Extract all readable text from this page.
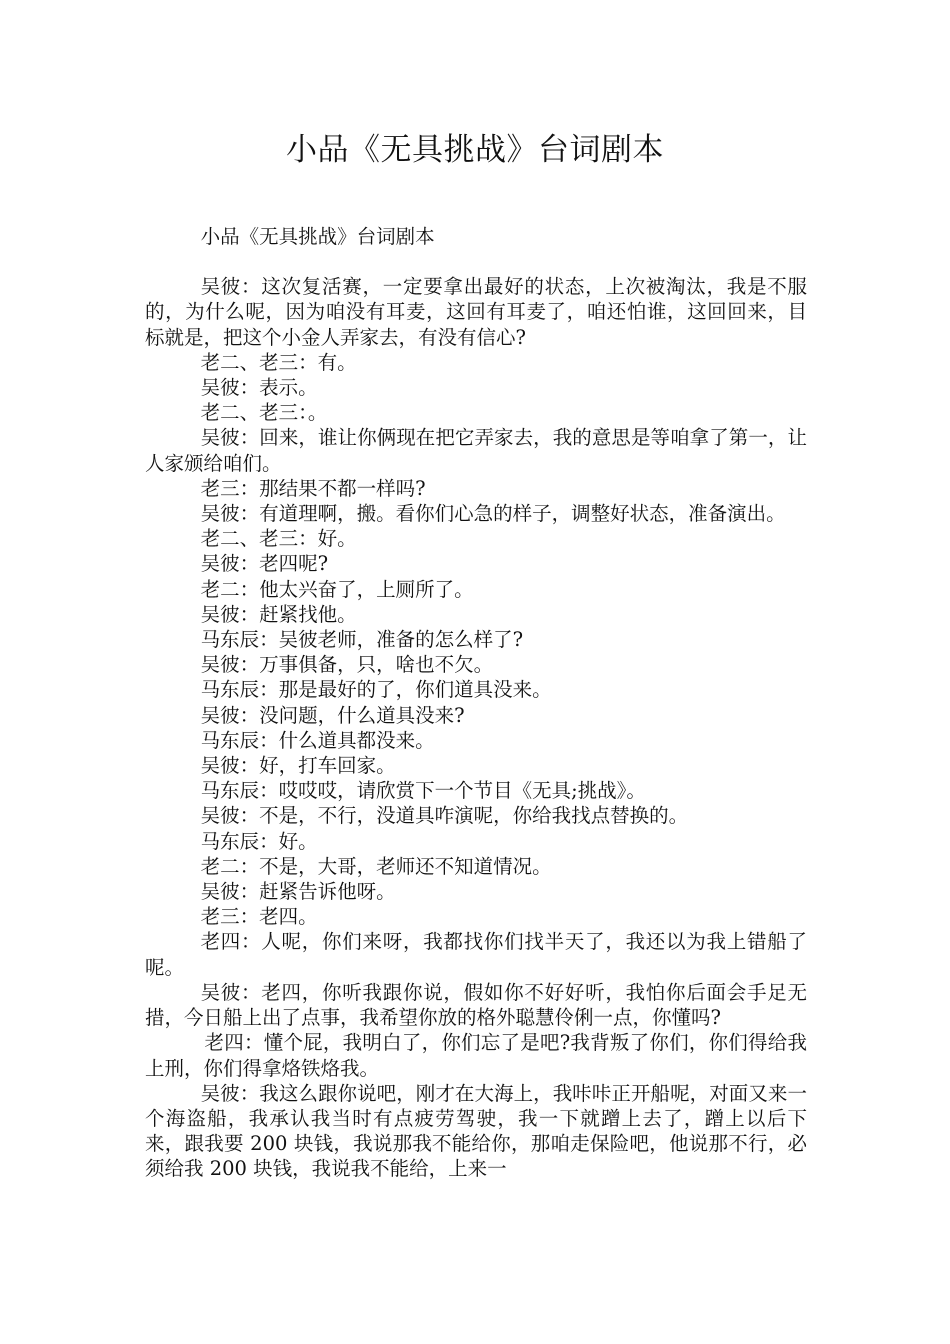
小品《无具挑战》台词剧本

小品《无具挑战》台词剧本

吴彼：这次复活赛，一定要拿出最好的状态，上次被淘汰，我是不服的，为什么呢，因为咱没有耳麦，这回有耳麦了，咱还怕谁，这回回来，目标就是，把这个小金人弄家去，有没有信心?

老二、老三：有。

吴彼：表示。

老二、老三：。

吴彼：回来，谁让你俩现在把它弄家去，我的意思是等咱拿了第一，让人家颁给咱们。

老三：那结果不都一样吗?

吴彼：有道理啊，搬。看你们心急的样子，调整好状态，准备演出。

老二、老三：好。

吴彼：老四呢?

老二：他太兴奋了，上厕所了。

吴彼：赶紧找他。

马东辰：吴彼老师，准备的怎么样了?

吴彼：万事俱备，只，啥也不欠。

马东辰：那是最好的了，你们道具没来。

吴彼：没问题，什么道具没来?

马东辰：什么道具都没来。

吴彼：好，打车回家。

马东辰：哎哎哎，请欣赏下一个节目《无具;挑战》。

吴彼：不是，不行，没道具咋演呢，你给我找点替换的。

马东辰：好。

老二：不是，大哥，老师还不知道情况。

吴彼：赶紧告诉他呀。

老三：老四。

老四：人呢，你们来呀，我都找你们找半天了，我还以为我上错船了呢。

吴彼：老四，你听我跟你说，假如你不好好听，我怕你后面会手足无措，今日船上出了点事，我希望你放的格外聪慧伶俐一点，你懂吗?

老四：懂个屁，我明白了，你们忘了是吧?我背叛了你们，你们得给我上刑，你们得拿烙铁烙我。

吴彼：我这么跟你说吧，刚才在大海上，我咔咔正开船呢，对面又来一个海盗船，我承认我当时有点疲劳驾驶，我一下就蹭上去了，蹭上以后下来，跟我要 200 块钱，我说那我不能给你，那咱走保险吧，他说那不行，必须给我 200 块钱，我说我不能给，上来一
